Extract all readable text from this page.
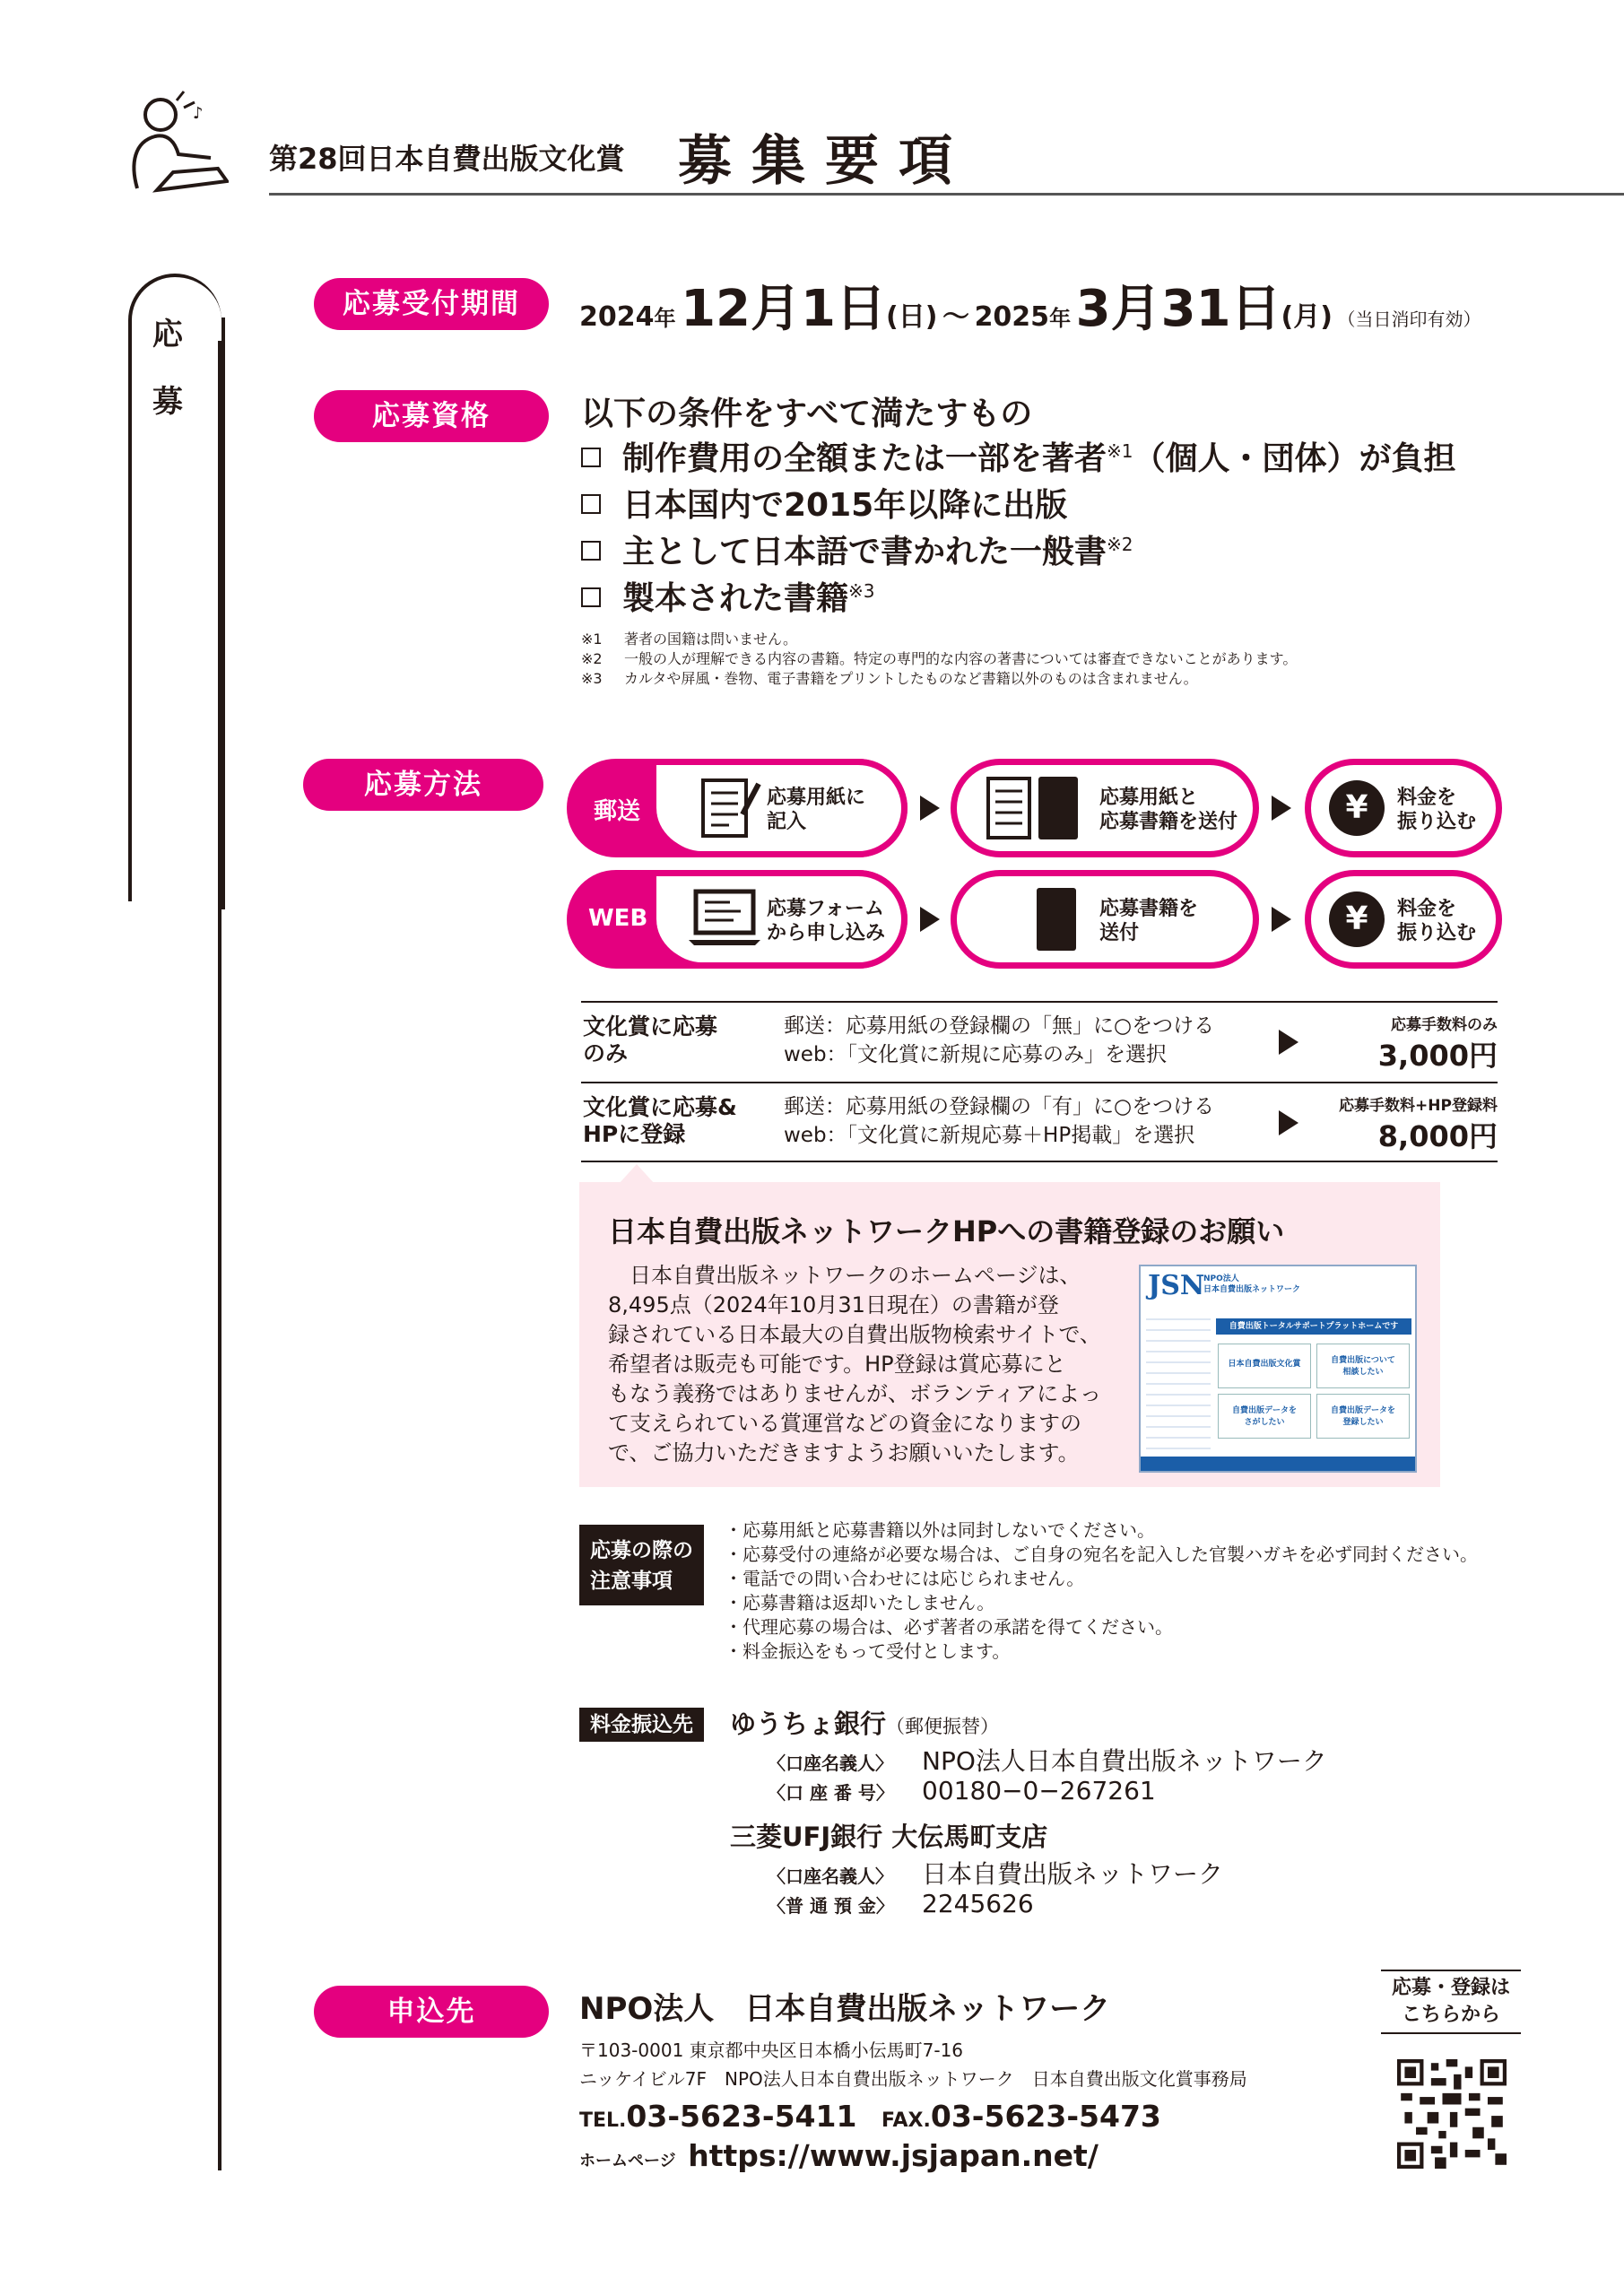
♪
第28回日本自費出版文化賞 募集要項
応
募
応募受付期間	2024年 12月1日(日) ～ 2025年 3月31日(月) （当日消印有効）
応募資格	以下の条件をすべて満たすもの
制作費用の全額または一部を著者$^{※1}$（個人・団体）が負担
日本国内で2015年以降に出版
主として日本語で書かれた一般書$^{※2}$
製本された書籍$^{※3}$
※1 著者の国籍は問いません。
※2 一般の人が理解できる内容の書籍。特定の専門的な内容の著書については審査できないことがあります。
※3 カルタや屏風・巻物、電子書籍をプリントしたものなど書籍以外のものは含まれません。
応募方法
郵送
応募用紙に
記入
応募用紙と
応募書籍を送付	¥	料金を
振り込む
WEB	応募フォーム
から申し込み
応募書籍を
送付	¥	料金を
振り込む
文化賞に応募
のみ
郵送：応募用紙の登録欄の「無」に○をつける
web：「文化賞に新規に応募のみ」を選択
応募手数料のみ
3,000円
文化賞に応募&
HPに登録
郵送：応募用紙の登録欄の「有」に○をつける
web：「文化賞に新規応募＋HP掲載」を選択
応募手数料+HP登録料
8,000円
日本自費出版ネットワークHPへの書籍登録のお願い
　日本自費出版ネットワークのホームページは、
8,495点（2024年10月31日現在）の書籍が登
録されている日本最大の自費出版物検索サイトで、
希望者は販売も可能です。HP登録は賞応募にと
もなう義務ではありませんが、ボランティアによっ
て支えられている賞運営などの資金になりますの
で、ご協力いただきますようお願いいたします。
JSN
NPO法人
日本自費出版ネットワーク
自費出版トータルサポートプラットホームです
日本自費出版文化賞	自費出版について
相談したい
自費出版データを
さがしたい
自費出版データを
登録したい
応募の際の
注意事項
・応募用紙と応募書籍以外は同封しないでください。
・応募受付の連絡が必要な場合は、ご自身の宛名を記入した官製ハガキを必ず同封ください。
・電話での問い合わせには応じられません。
・応募書籍は返却いたしません。
・代理応募の場合は、必ず著者の承諾を得てください。
・料金振込をもって受付とします。
料金振込先	ゆうちょ銀行（郵便振替）
〈口座名義人〉 NPO法人日本自費出版ネットワーク
〈口 座 番 号〉 00180−0−267261
三菱UFJ銀行 大伝馬町支店
〈口座名義人〉 日本自費出版ネットワーク
〈普 通 預 金〉 2245626
申込先	NPO法人　日本自費出版ネットワーク
〒103-0001 東京都中央区日本橋小伝馬町7-16
ニッケイビル7F　NPO法人日本自費出版ネットワーク　日本自費出版文化賞事務局
TEL.03-5623-5411 FAX.03-5623-5473
ホームページ https://www.jsjapan.net/
応募・登録は
こちらから
